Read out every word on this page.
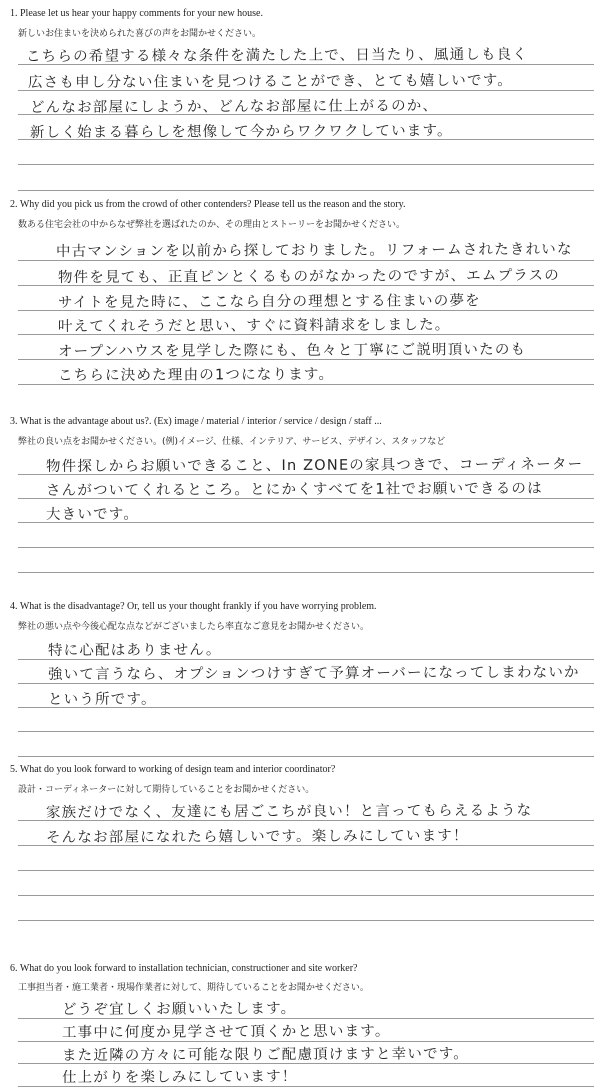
1. Please let us hear your happy comments for your new house.
新しいお住まいを決められた喜びの声をお聞かせください。
こちらの希望する様々な条件を満たした上で、日当たり、風通しも良く
広さも申し分ない住まいを見つけることができ、とても嬉しいです。
どんなお部屋にしようか、どんなお部屋に仕上がるのか、
新しく始まる暮らしを想像して今からワクワクしています。
2. Why did you pick us from the crowd of other contenders? Please tell us the reason and the story.
数ある住宅会社の中からなぜ弊社を選ばれたのか、その理由とストーリーをお聞かせください。
中古マンションを以前から探しておりました。リフォームされたきれいな
物件を見ても、正直ピンとくるものがなかったのですが、エムプラスの
サイトを見た時に、ここなら自分の理想とする住まいの夢を
叶えてくれそうだと思い、すぐに資料請求をしました。
オープンハウスを見学した際にも、色々と丁寧にご説明頂いたのも
こちらに決めた理由の1つになります。
3. What is the advantage about us?. (Ex) image / material / interior / service / design / staff ...
弊社の良い点をお聞かせください。(例)イメージ、仕様、インテリア、サービス、デザイン、スタッフなど
物件探しからお願いできること、In ZONEの家具つきで、コーディネーター
さんがついてくれるところ。とにかくすべてを1社でお願いできるのは
大きいです。
4. What is the disadvantage? Or, tell us your thought frankly if you have worrying problem.
弊社の悪い点や今後心配な点などがございましたら率直なご意見をお聞かせください。
特に心配はありません。
強いて言うなら、オプションつけすぎて予算オーバーになってしまわないか
という所です。
5. What do you look forward to working of design team and interior coordinator?
設計・コーディネーターに対して期待していることをお聞かせください。
家族だけでなく、友達にも居ごこちが良い！と言ってもらえるような
そんなお部屋になれたら嬉しいです。楽しみにしています！
6. What do you look forward to installation technician, constructioner and site worker?
工事担当者・施工業者・現場作業者に対して、期待していることをお聞かせください。
どうぞ宜しくお願いいたします。
工事中に何度か見学させて頂くかと思います。
また近隣の方々に可能な限りご配慮頂けますと幸いです。
仕上がりを楽しみにしています！
